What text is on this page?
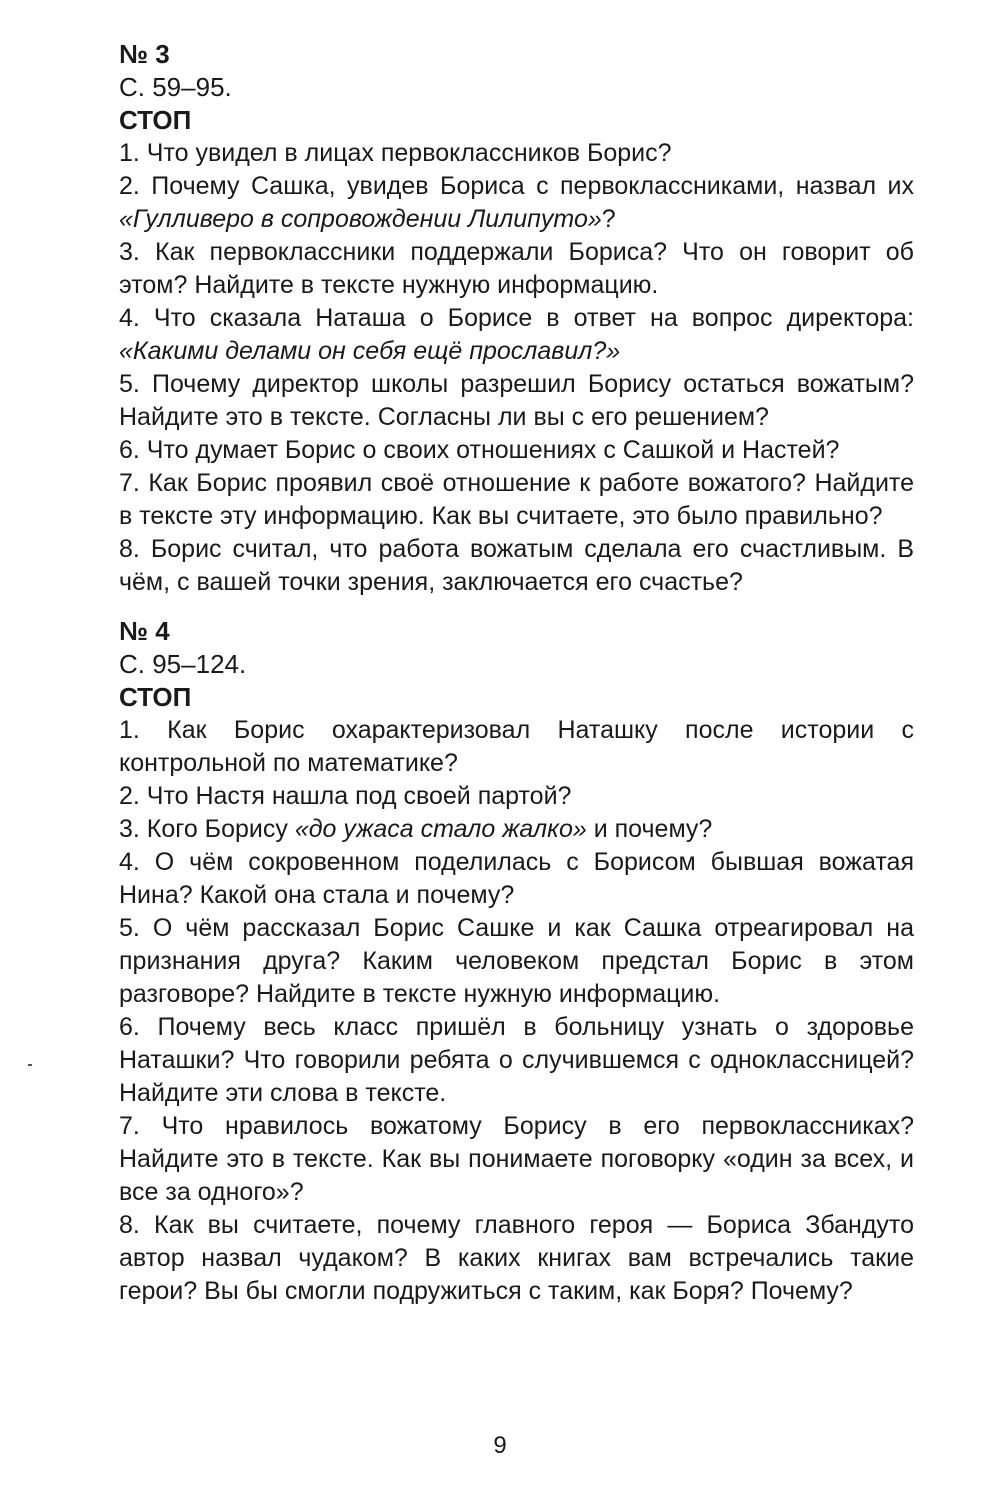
№ 3
С. 59–95.
СТОП

1. Что увидел в лицах первоклассников Борис?

2. Почему Сашка, увидев Бориса с первоклассниками, назвал их «Гулливеро в сопровождении Лилипуто»?

3. Как первоклассники поддержали Бориса? Что он говорит об этом? Найдите в тексте нужную информацию.

4. Что сказала Наташа о Борисе в ответ на вопрос директора: «Какими делами он себя ещё прославил?»

5. Почему директор школы разрешил Борису остаться вожатым? Найдите это в тексте. Согласны ли вы с его решением?

6. Что думает Борис о своих отношениях с Сашкой и Настей?

7. Как Борис проявил своё отношение к работе вожатого? Найдите в тексте эту информацию. Как вы считаете, это было правильно?

8. Борис считал, что работа вожатым сделала его счастливым. В чём, с вашей точки зрения, заключается его счастье?

№ 4
С. 95–124.
СТОП

1. Как Борис охарактеризовал Наташку после истории с контрольной по математике?

2. Что Настя нашла под своей партой?

3. Кого Борису «до ужаса стало жалко» и почему?

4. О чём сокровенном поделилась с Борисом бывшая вожатая Нина? Какой она стала и почему?

5. О чём рассказал Борис Сашке и как Сашка отреагировал на признания друга? Каким человеком предстал Борис в этом разговоре? Найдите в тексте нужную информацию.

6. Почему весь класс пришёл в больницу узнать о здоровье Наташки? Что говорили ребята о случившемся с одноклассницей? Найдите эти слова в тексте.

7. Что нравилось вожатому Борису в его первоклассниках? Найдите это в тексте. Как вы понимаете поговорку «один за всех, и все за одного»?

8. Как вы считаете, почему главного героя — Бориса Збандуто автор назвал чудаком? В каких книгах вам встречались такие герои? Вы бы смогли подружиться с таким, как Боря? Почему?

9
